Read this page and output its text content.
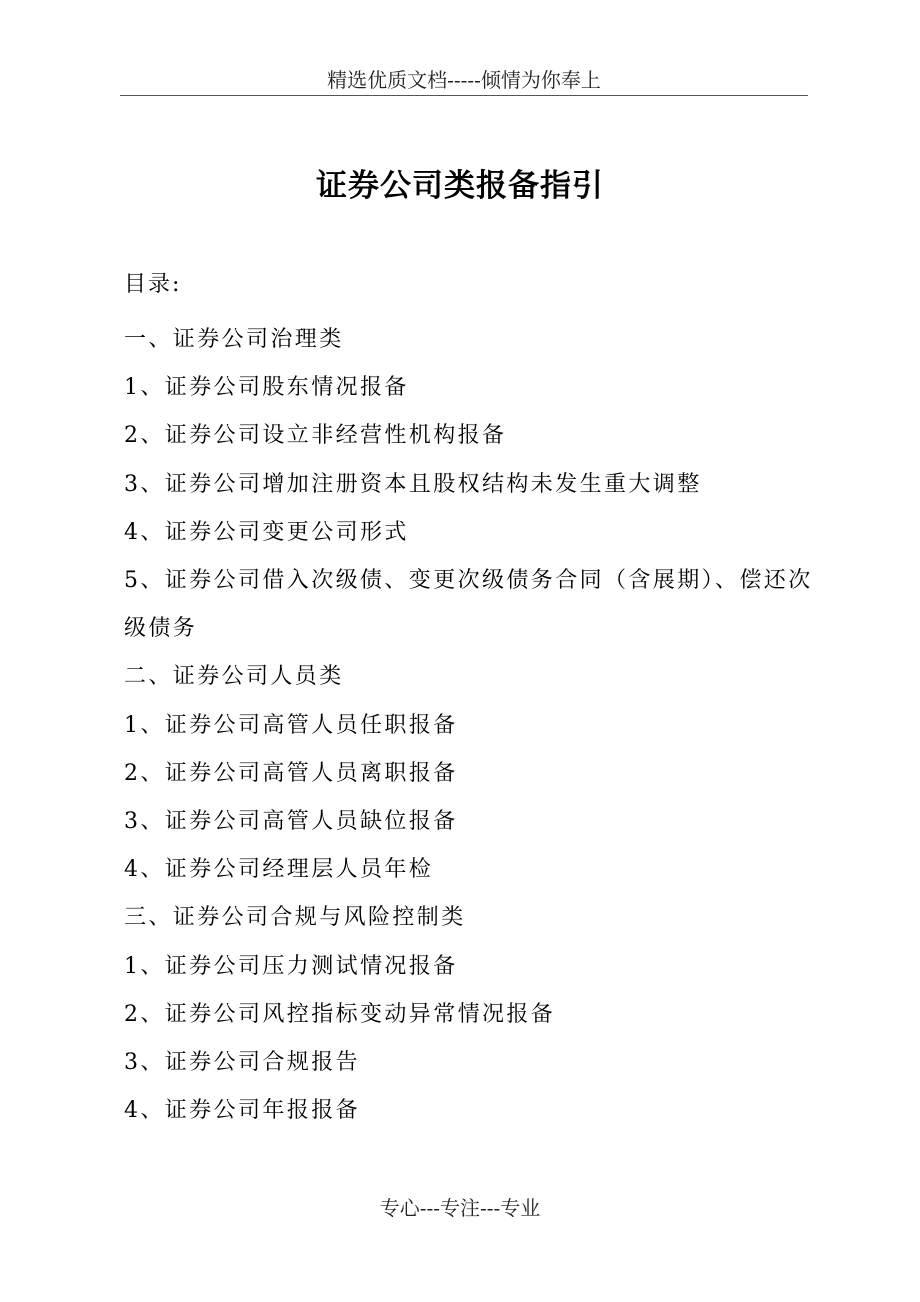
精选优质文档-----倾情为你奉上
证券公司类报备指引
目录:
一、证券公司治理类
1、证券公司股东情况报备
2、证券公司设立非经营性机构报备
3、证券公司增加注册资本且股权结构未发生重大调整
4、证券公司变更公司形式
5、证券公司借入次级债、变更次级债务合同（含展期）、偿还次
级债务
二、证券公司人员类
1、证券公司高管人员任职报备
2、证券公司高管人员离职报备
3、证券公司高管人员缺位报备
4、证券公司经理层人员年检
三、证券公司合规与风险控制类
1、证券公司压力测试情况报备
2、证券公司风控指标变动异常情况报备
3、证券公司合规报告
4、证券公司年报报备
专心---专注---专业
